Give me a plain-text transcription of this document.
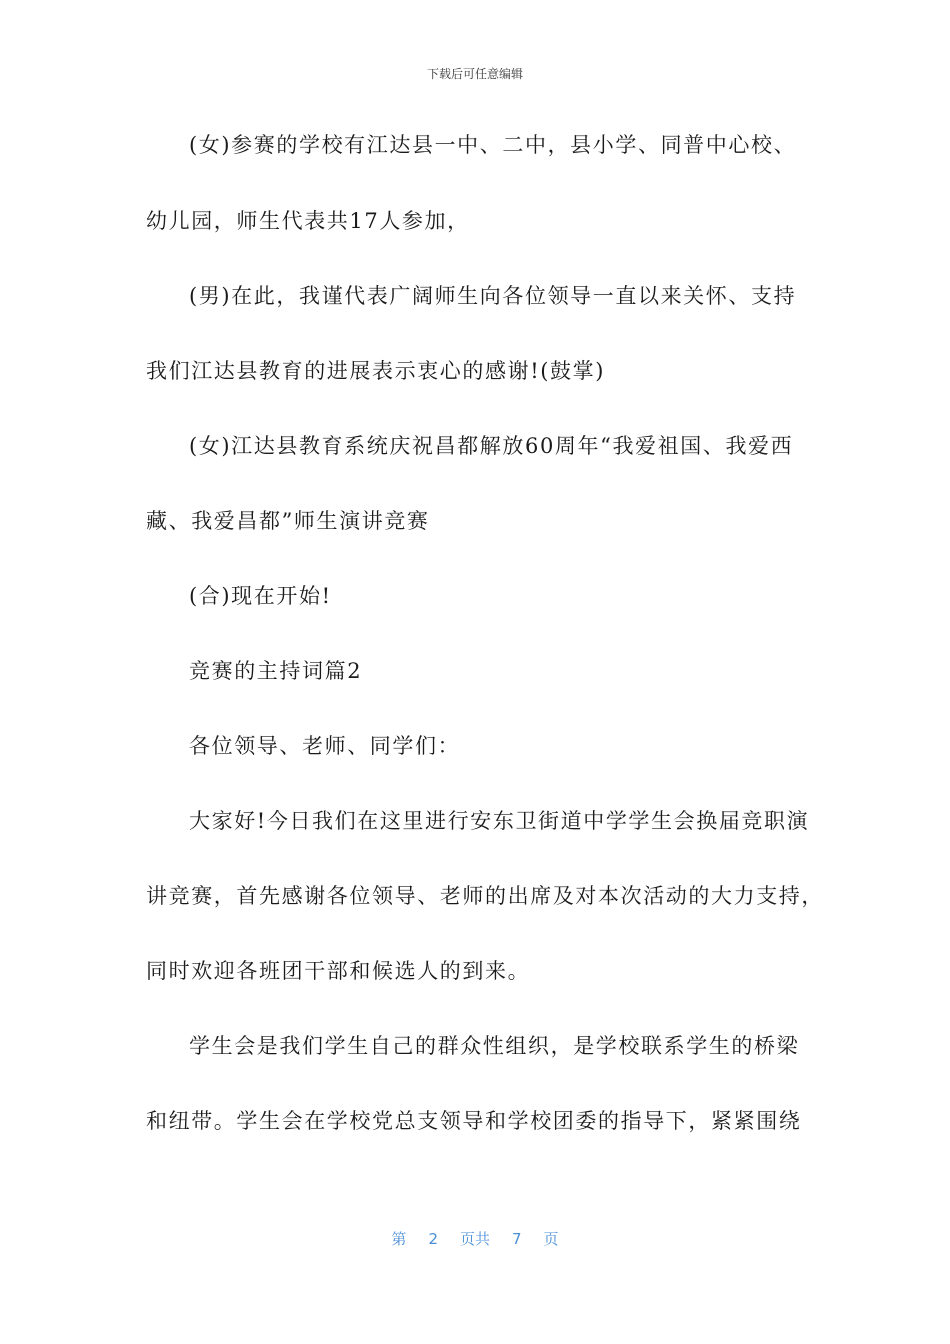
下载后可任意编辑

(女)参赛的学校有江达县一中、二中，县小学、同普中心校、

幼儿园，师生代表共17人参加，

(男)在此，我谨代表广阔师生向各位领导一直以来关怀、支持

我们江达县教育的进展表示衷心的感谢!(鼓掌)

(女)江达县教育系统庆祝昌都解放60周年“我爱祖国、我爱西

藏、我爱昌都”师生演讲竞赛

(合)现在开始!

竞赛的主持词篇2

各位领导、老师、同学们：

大家好!今日我们在这里进行安东卫街道中学学生会换届竞职演

讲竞赛，首先感谢各位领导、老师的出席及对本次活动的大力支持，

同时欢迎各班团干部和候选人的到来。

学生会是我们学生自己的群众性组织，是学校联系学生的桥梁

和纽带。学生会在学校党总支领导和学校团委的指导下，紧紧围绕

第 2 页共 7 页
